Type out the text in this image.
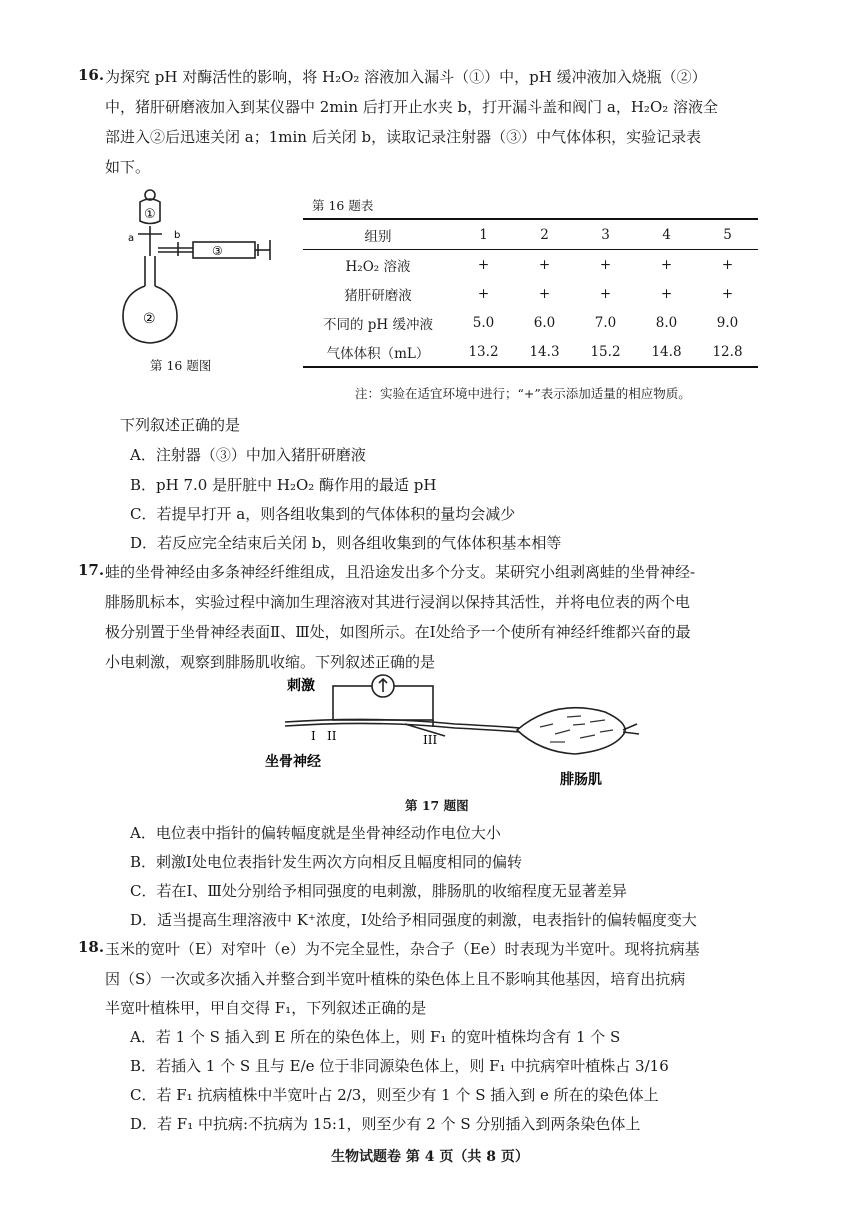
16. 为探究 pH 对酶活性的影响，将 H₂O₂ 溶液加入漏斗（①）中，pH 缓冲液加入烧瓶（②）
中，猪肝研磨液加入到某仪器中 2min 后打开止水夹 b，打开漏斗盖和阀门 a，H₂O₂ 溶液全
部进入②后迅速关闭 a；1min 后关闭 b，读取记录注射器（③）中气体体积，实验记录表
如下。
①
a	b
③
②
第 16 题图
第 16 题表
组别	1	2	3	4	5
H₂O₂ 溶液	+	+	+	+	+
猪肝研磨液	+	+	+	+	+
不同的 pH 缓冲液	5.0	6.0	7.0	8.0	9.0
气体体积（mL）	13.2	14.3	15.2	14.8	12.8
注：实验在适宜环境中进行；“+”表示添加适量的相应物质。
下列叙述正确的是
A．注射器（③）中加入猪肝研磨液
B．pH 7.0 是肝脏中 H₂O₂ 酶作用的最适 pH
C．若提早打开 a，则各组收集到的气体体积的量均会减少
D．若反应完全结束后关闭 b，则各组收集到的气体体积基本相等
17. 蛙的坐骨神经由多条神经纤维组成，且沿途发出多个分支。某研究小组剥离蛙的坐骨神经-
腓肠肌标本，实验过程中滴加生理溶液对其进行浸润以保持其活性，并将电位表的两个电
极分别置于坐骨神经表面Ⅱ、Ⅲ处，如图所示。在Ⅰ处给予一个使所有神经纤维都兴奋的最
小电刺激，观察到腓肠肌收缩。下列叙述正确的是
刺激
I II	III
坐骨神经
腓肠肌
第 17 题图
A．电位表中指针的偏转幅度就是坐骨神经动作电位大小
B．刺激Ⅰ处电位表指针发生两次方向相反且幅度相同的偏转
C．若在Ⅰ、Ⅲ处分别给予相同强度的电刺激，腓肠肌的收缩程度无显著差异
D．适当提高生理溶液中 K⁺浓度，Ⅰ处给予相同强度的刺激，电表指针的偏转幅度变大
18. 玉米的宽叶（E）对窄叶（e）为不完全显性，杂合子（Ee）时表现为半宽叶。现将抗病基
因（S）一次或多次插入并整合到半宽叶植株的染色体上且不影响其他基因，培育出抗病
半宽叶植株甲，甲自交得 F₁，下列叙述正确的是
A．若 1 个 S 插入到 E 所在的染色体上，则 F₁ 的宽叶植株均含有 1 个 S
B．若插入 1 个 S 且与 E/e 位于非同源染色体上，则 F₁ 中抗病窄叶植株占 3/16
C．若 F₁ 抗病植株中半宽叶占 2/3，则至少有 1 个 S 插入到 e 所在的染色体上
D．若 F₁ 中抗病:不抗病为 15:1，则至少有 2 个 S 分别插入到两条染色体上
生物试题卷 第 4 页（共 8 页）
